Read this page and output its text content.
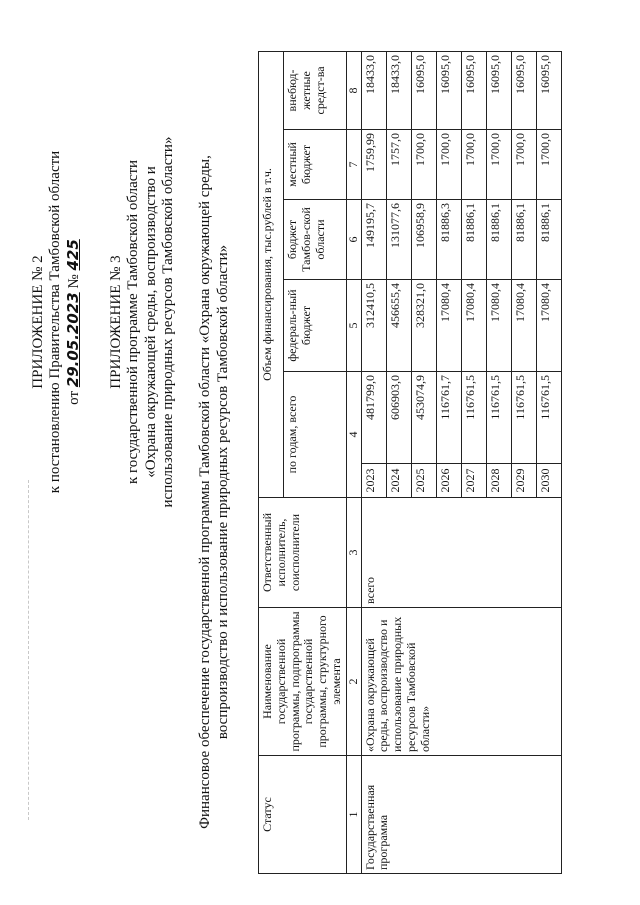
ПРИЛОЖЕНИЕ № 2 к постановлению Правительства Тамбовской области от 29.05.2023 № 425
ПРИЛОЖЕНИЕ № 3 к государственной программе Тамбовской области «Охрана окружающей среды, воспроизводство и использование природных ресурсов Тамбовской области» Финансовое обеспечение государственной программы Тамбовской области «Охрана окружающей среды, воспроизводство и использование природных ресурсов Тамбовской области»
Статус	Наименование государственной программы, подпрограммы государственной программы, структурного элемента	Ответственный исполнитель, соисполнители	Объем финансирования, тыс.рублей в т.ч.					
			по годам, всего		федераль-ный бюджет	бюджет Тамбов-ской области	местный бюджет	внебюд-жетные средст-ва
1	2	3	4		5	6	7	8
Государственная программа	«Охрана окружающей среды, воспроизводство и использование природных ресурсов Тамбовской области»	всего	2023	481799,0	312410,5	149195,7	1759,99	18433,0
			2024	606903,0	456655,4	131077,6	1757,0	18433,0
			2025	453074,9	328321,0	106958,9	1700,0	16095,0
			2026	116761,7	17080,4	81886,3	1700,0	16095,0
			2027	116761,5	17080,4	81886,1	1700,0	16095,0
			2028	116761,5	17080,4	81886,1	1700,0	16095,0
			2029	116761,5	17080,4	81886,1	1700,0	16095,0
			2030	116761,5	17080,4	81886,1	1700,0	16095,0
